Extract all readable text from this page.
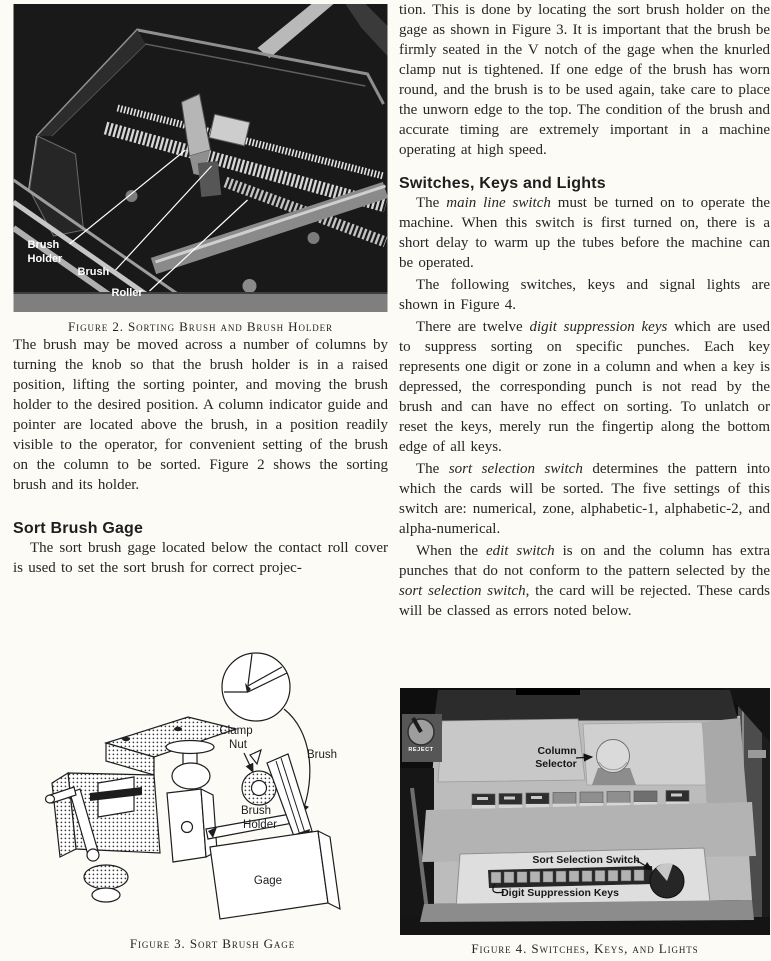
Brush
Holder
Brush
Roller

Figure 2. Sorting Brush and Brush Holder

The brush may be moved across a number of columns by turning the knob so that the brush holder is in a raised position, lifting the sorting pointer, and moving the brush holder to the desired position. A column indicator guide and pointer are located above the brush, in a position readily visible to the operator, for convenient setting of the brush on the column to be sorted. Figure 2 shows the sorting brush and its holder.

Sort Brush Gage

The sort brush gage located below the contact roll cover is used to set the sort brush for correct projec-

Clamp
Nut
Brush
Brush
Holder
Gage

Figure 3. Sort Brush Gage

tion. This is done by locating the sort brush holder on the gage as shown in Figure 3. It is important that the brush be firmly seated in the V notch of the gage when the knurled clamp nut is tightened. If one edge of the brush has worn round, and the brush is to be used again, take care to place the unworn edge to the top. The condition of the brush and accurate timing are extremely important in a machine operating at high speed.

Switches, Keys and Lights

The main line switch must be turned on to operate the machine. When this switch is first turned on, there is a short delay to warm up the tubes before the machine can be operated.

The following switches, keys and signal lights are shown in Figure 4.

There are twelve digit suppression keys which are used to suppress sorting on specific punches. Each key represents one digit or zone in a column and when a key is depressed, the corresponding punch is not read by the brush and can have no effect on sorting. To unlatch or reset the keys, merely run the fingertip along the bottom edge of all keys.

The sort selection switch determines the pattern into which the cards will be sorted. The five settings of this switch are: numerical, zone, alphabetic-1, alphabetic-2, and alpha-numerical.

When the edit switch is on and the column has extra punches that do not conform to the pattern selected by the sort selection switch, the card will be rejected. These cards will be classed as errors noted below.

REJECT	Column
Selector
Sort Selection Switch
Digit Suppression Keys

Figure 4. Switches, Keys, and Lights
